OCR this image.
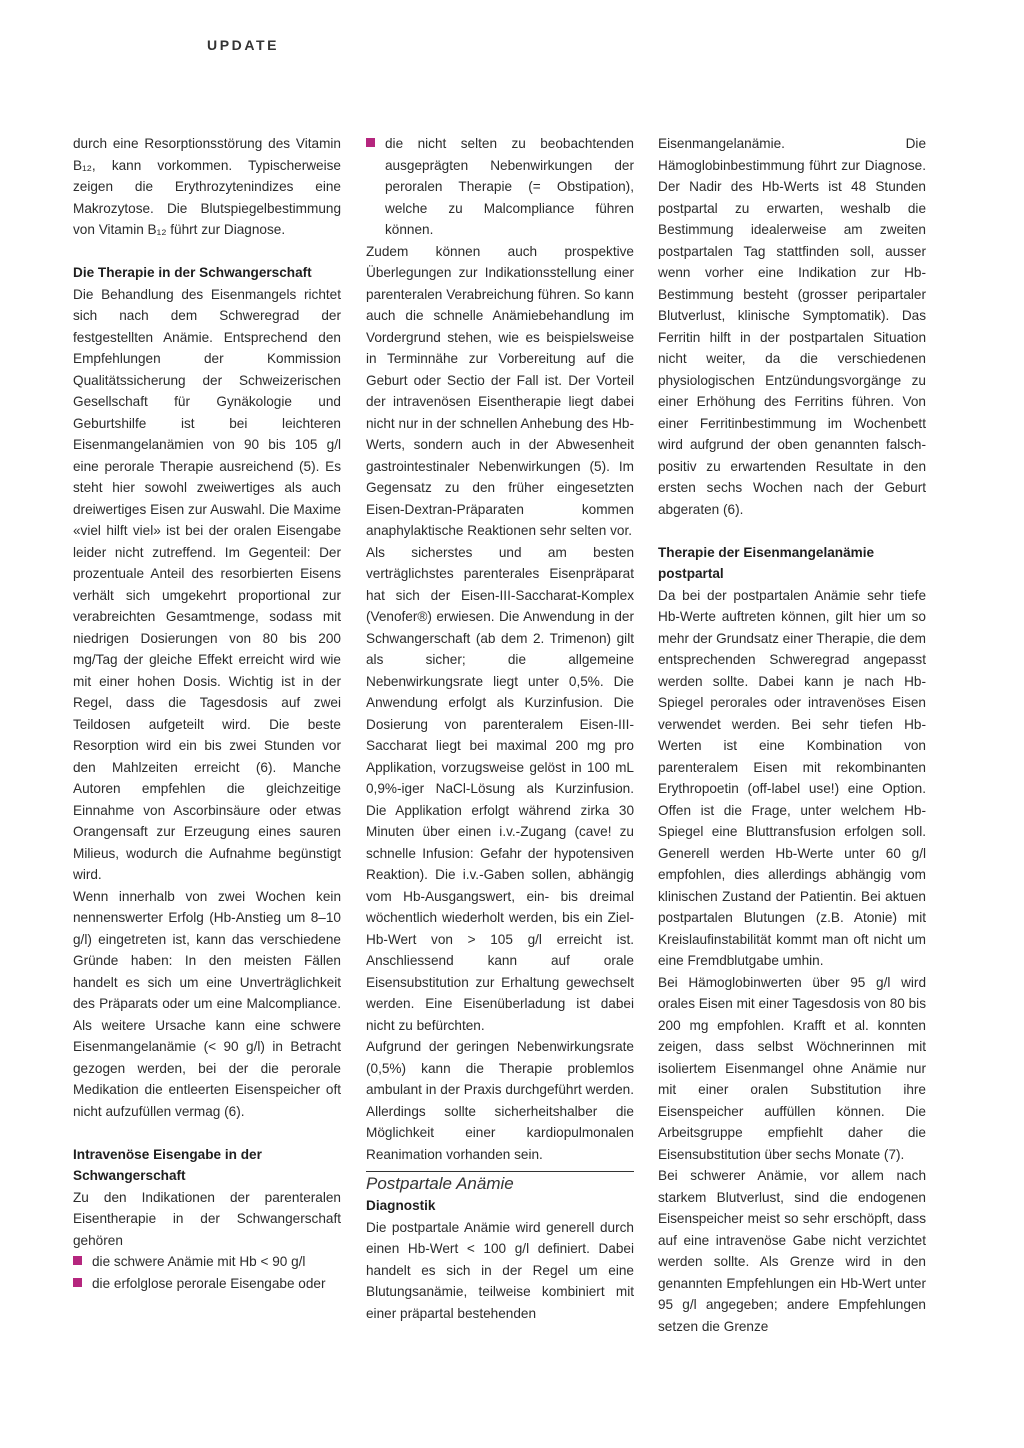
UPDATE

durch eine Resorptionsstörung des Vitamin B₁₂, kann vorkommen. Typischerweise zeigen die Erythrozytenindizes eine Makrozytose. Die Blutspiegelbestimmung von Vitamin B₁₂ führt zur Diagnose.

Die Therapie in der Schwangerschaft

Die Behandlung des Eisenmangels richtet sich nach dem Schweregrad der festgestellten Anämie. Entsprechend den Empfehlungen der Kommission Qualitätssicherung der Schweizerischen Gesellschaft für Gynäkologie und Geburtshilfe ist bei leichteren Eisenmangelanämien von 90 bis 105 g/l eine perorale Therapie ausreichend (5). Es steht hier sowohl zweiwertiges als auch dreiwertiges Eisen zur Auswahl. Die Maxime «viel hilft viel» ist bei der oralen Eisengabe leider nicht zutreffend. Im Gegenteil: Der prozentuale Anteil des resorbierten Eisens verhält sich umgekehrt proportional zur verabreichten Gesamtmenge, sodass mit niedrigen Dosierungen von 80 bis 200 mg/Tag der gleiche Effekt erreicht wird wie mit einer hohen Dosis. Wichtig ist in der Regel, dass die Tagesdosis auf zwei Teildosen aufgeteilt wird. Die beste Resorption wird ein bis zwei Stunden vor den Mahlzeiten erreicht (6). Manche Autoren empfehlen die gleichzeitige Einnahme von Ascorbinsäure oder etwas Orangensaft zur Erzeugung eines sauren Milieus, wodurch die Aufnahme begünstigt wird.

Wenn innerhalb von zwei Wochen kein nennenswerter Erfolg (Hb-Anstieg um 8–10 g/l) eingetreten ist, kann das verschiedene Gründe haben: In den meisten Fällen handelt es sich um eine Unverträglichkeit des Präparats oder um eine Malcompliance. Als weitere Ursache kann eine schwere Eisenmangelanämie (< 90 g/l) in Betracht gezogen werden, bei der die perorale Medikation die entleerten Eisenspeicher oft nicht aufzufüllen vermag (6).

Intravenöse Eisengabe in der Schwangerschaft

Zu den Indikationen der parenteralen Eisentherapie in der Schwangerschaft gehören

die schwere Anämie mit Hb < 90 g/l
die erfolglose perorale Eisengabe oder
die nicht selten zu beobachtenden ausgeprägten Nebenwirkungen der peroralen Therapie (= Obstipation), welche zu Malcompliance führen können.

Zudem können auch prospektive Überlegungen zur Indikationsstellung einer parenteralen Verabreichung führen. So kann auch die schnelle Anämiebehandlung im Vordergrund stehen, wie es beispielsweise in Terminnähe zur Vorbereitung auf die Geburt oder Sectio der Fall ist. Der Vorteil der intravenösen Eisentherapie liegt dabei nicht nur in der schnellen Anhebung des Hb-Werts, sondern auch in der Abwesenheit gastrointestinaler Nebenwirkungen (5). Im Gegensatz zu den früher eingesetzten Eisen-Dextran-Präparaten kommen anaphylaktische Reaktionen sehr selten vor.

Als sicherstes und am besten verträglichstes parenterales Eisenpräparat hat sich der Eisen-III-Saccharat-Komplex (Venofer®) erwiesen. Die Anwendung in der Schwangerschaft (ab dem 2. Trimenon) gilt als sicher; die allgemeine Nebenwirkungsrate liegt unter 0,5%. Die Anwendung erfolgt als Kurzinfusion. Die Dosierung von parenteralem Eisen-III-Saccharat liegt bei maximal 200 mg pro Applikation, vorzugsweise gelöst in 100 mL 0,9%-iger NaCl-Lösung als Kurzinfusion. Die Applikation erfolgt während zirka 30 Minuten über einen i.v.-Zugang (cave! zu schnelle Infusion: Gefahr der hypotensiven Reaktion). Die i.v.-Gaben sollen, abhängig vom Hb-Ausgangswert, ein- bis dreimal wöchentlich wiederholt werden, bis ein Ziel-Hb-Wert von > 105 g/l erreicht ist. Anschliessend kann auf orale Eisensubstitution zur Erhaltung gewechselt werden. Eine Eisenüberladung ist dabei nicht zu befürchten.

Aufgrund der geringen Nebenwirkungsrate (0,5%) kann die Therapie problemlos ambulant in der Praxis durchgeführt werden. Allerdings sollte sicherheitshalber die Möglichkeit einer kardiopulmonalen Reanimation vorhanden sein.

Postpartale Anämie

Diagnostik

Die postpartale Anämie wird generell durch einen Hb-Wert < 100 g/l definiert. Dabei handelt es sich in der Regel um eine Blutungsanämie, teilweise kombiniert mit einer präpartal bestehenden

Eisenmangelanämie. Die Hämoglobinbestimmung führt zur Diagnose. Der Nadir des Hb-Werts ist 48 Stunden postpartal zu erwarten, weshalb die Bestimmung idealerweise am zweiten postpartalen Tag stattfinden soll, ausser wenn vorher eine Indikation zur Hb-Bestimmung besteht (grosser peripartaler Blutverlust, klinische Symptomatik). Das Ferritin hilft in der postpartalen Situation nicht weiter, da die verschiedenen physiologischen Entzündungsvorgänge zu einer Erhöhung des Ferritins führen. Von einer Ferritinbestimmung im Wochenbett wird aufgrund der oben genannten falsch-positiv zu erwartenden Resultate in den ersten sechs Wochen nach der Geburt abgeraten (6).

Therapie der Eisenmangelanämie postpartal

Da bei der postpartalen Anämie sehr tiefe Hb-Werte auftreten können, gilt hier um so mehr der Grundsatz einer Therapie, die dem entsprechenden Schweregrad angepasst werden sollte. Dabei kann je nach Hb-Spiegel perorales oder intravenöses Eisen verwendet werden. Bei sehr tiefen Hb-Werten ist eine Kombination von parenteralem Eisen mit rekombinanten Erythropoetin (off-label use!) eine Option. Offen ist die Frage, unter welchem Hb-Spiegel eine Bluttransfusion erfolgen soll. Generell werden Hb-Werte unter 60 g/l empfohlen, dies allerdings abhängig vom klinischen Zustand der Patientin. Bei aktuen postpartalen Blutungen (z.B. Atonie) mit Kreislaufinstabilität kommt man oft nicht um eine Fremdblutgabe umhin.

Bei Hämoglobinwerten über 95 g/l wird orales Eisen mit einer Tagesdosis von 80 bis 200 mg empfohlen. Krafft et al. konnten zeigen, dass selbst Wöchnerinnen mit isoliertem Eisenmangel ohne Anämie nur mit einer oralen Substitution ihre Eisenspeicher auffüllen können. Die Arbeitsgruppe empfiehlt daher die Eisensubstitution über sechs Monate (7).

Bei schwerer Anämie, vor allem nach starkem Blutverlust, sind die endogenen Eisenspeicher meist so sehr erschöpft, dass auf eine intravenöse Gabe nicht verzichtet werden sollte. Als Grenze wird in den genannten Empfehlungen ein Hb-Wert unter 95 g/l angegeben; andere Empfehlungen setzen die Grenze
